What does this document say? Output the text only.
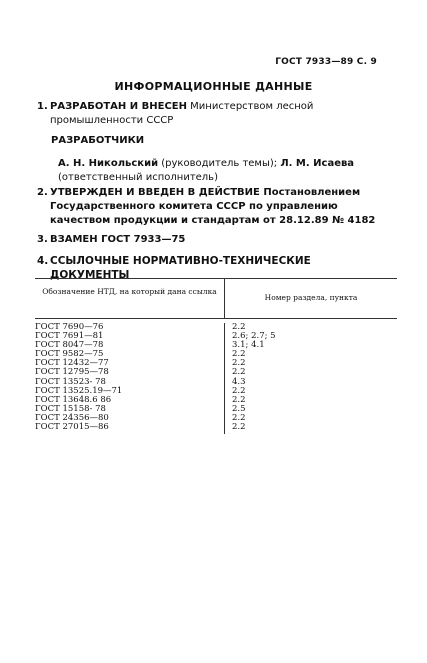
ГОСТ 7933—89 С. 9
ИНФОРМАЦИОННЫЕ ДАННЫЕ
1. РАЗРАБОТАН И ВНЕСЕН Министерством лесной промышленности СССР
РАЗРАБОТЧИКИ
А. Н. Никольский (руководитель темы); Л. М. Исаева (ответственный исполнитель)
2. УТВЕРЖДЕН И ВВЕДЕН В ДЕЙСТВИЕ Постановлением Государственного комитета СССР по управлению качеством продукции и стандартам от 28.12.89 № 4182
3. ВЗАМЕН ГОСТ 7933—75
4. ССЫЛОЧНЫЕ НОРМАТИВНО-ТЕХНИЧЕСКИЕ ДОКУМЕНТЫ
Обозначение НТД, на который дана ссылка
Номер раздела, пункта
ГОСТ 7690—76
ГОСТ 7691—81
ГОСТ 8047—78
ГОСТ 9582—75
ГОСТ 12432—77
ГОСТ 12795—78
ГОСТ 13523- 78
ГОСТ 13525.19—71
ГОСТ 13648.6 86
ГОСТ 15158- 78
ГОСТ 24356—80
ГОСТ 27015—86
2.2
2.6; 2.7; 5
3.1; 4.1
2.2
2.2
2.2
4.3
2.2
2.2
2.5
2.2
2.2
